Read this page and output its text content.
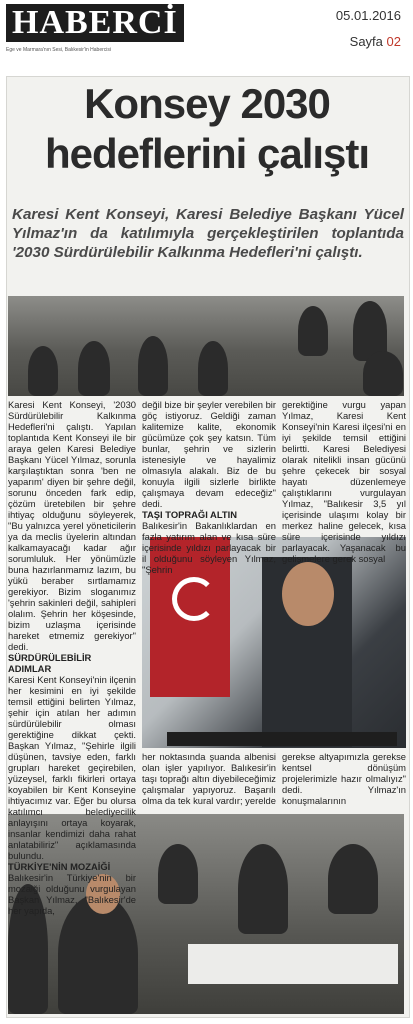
HABERCİ
Ege ve Marmara'nın Sesi, Balıkesir'in Habercisi
05.01.2016
Sayfa 02
Konsey 2030
hedeflerini çalıştı
Karesi Kent Konseyi, Karesi Belediye Başkanı Yücel Yılmaz'ın da katılımıyla gerçekleştirilen toplantıda '2030 Sürdürülebilir Kalkınma Hedefleri'ni çalıştı.

Karesi Kent Konseyi, '2030 Sürdürülebilir Kalkınma Hedefleri'ni çalıştı. Yapılan toplantıda Kent Konseyi ile bir araya gelen Karesi Belediye Başkanı Yücel Yılmaz, sorunla karşılaştıktan sonra 'ben ne yaparım' diyen bir şehre değil, sorunu önceden fark edip, çözüm üretebilen bir şehre ihtiyaç olduğunu söyleyerek, "Bu yalnızca yerel yöneticilerin ya da meclis üyelerin altından kalkamayacağı kadar ağır sorumluluk. Her yönümüzle buna hazırlanmamız lazım, bu yükü beraber sırtlamamız gerekiyor. Bizim sloganımız 'şehrin sakinleri değil, sahipleri olalım. Şehrin her köşesinde, bizim uzlaşma içerisinde hareket etmemiz gerekiyor" dedi.

SÜRDÜRÜLEBİLİR ADIMLAR

Karesi Kent Konseyi'nin ilçenin her kesimini en iyi şekilde temsil ettiğini belirten Yılmaz, şehir için atılan her adımın sürdürülebilir olması gerektiğine dikkat çekti. Başkan Yılmaz, "Şehirle ilgili düşünen, tavsiye eden, farklı grupları hareket geçirebilen, yüzeysel, farklı fikirleri ortaya koyabilen bir Kent Konseyine ihtiyacımız var. Eğer bu olursa katılımcı belediyecilik anlayışını ortaya koyarak, insanlar kendimizi daha rahat anlatabiliriz" açıklamasında bulundu.

TÜRKİYE'NİN MOZAİĞİ

Balıkesir'in Türkiye'nin bir mozaiği olduğunu vurgulayan Başkan Yılmaz, "Balıkesir'de her yapıda,

değil bize bir şeyler verebilen bir göç istiyoruz. Geldiği zaman kalitemize kalite, ekonomik gücümüze çok şey katsın. Tüm bunlar, şehrin ve sizlerin istenesiyle ve hayalimiz olmasıyla alakalı. Biz de bu konuyla ilgili sizlerle birlikte çalışmaya devam edeceğiz" dedi.

TAŞI TOPRAĞI ALTIN

Balıkesir'in Bakanlıklardan en fazla yatırım alan ve kısa süre içerisinde yıldızı parlayacak bir il olduğunu söyleyen Yılmaz, "Şehrin

gerektiğine vurgu yapan Yılmaz, Karesi Kent Konseyi'nin Karesi ilçesi'ni en iyi şekilde temsil ettiğini belirtti. Karesi Belediyesi olarak nitelikli insan gücünü şehre çekecek bir sosyal hayatı düzenlemeye çalıştıklarını vurgulayan Yılmaz, "Balıkesir 3,5 yıl içerisinde ulaşımı kolay bir merkez haline gelecek, kısa süre içerisinde yıldızı parlayacak. Yaşanacak bu gelişmelere gerek sosyal

her noktasında şuanda albenisi olan işler yapılıyor. Balıkesir'in taşı toprağı altın diyebileceğimiz çalışmalar yapıyoruz. Başarılı olma da tek kural vardır; yerelde

gerekse altyapımızla gerekse kentsel dönüşüm projelerimizle hazır olmalıyız" dedi. Yılmaz'ın konuşmalarının
